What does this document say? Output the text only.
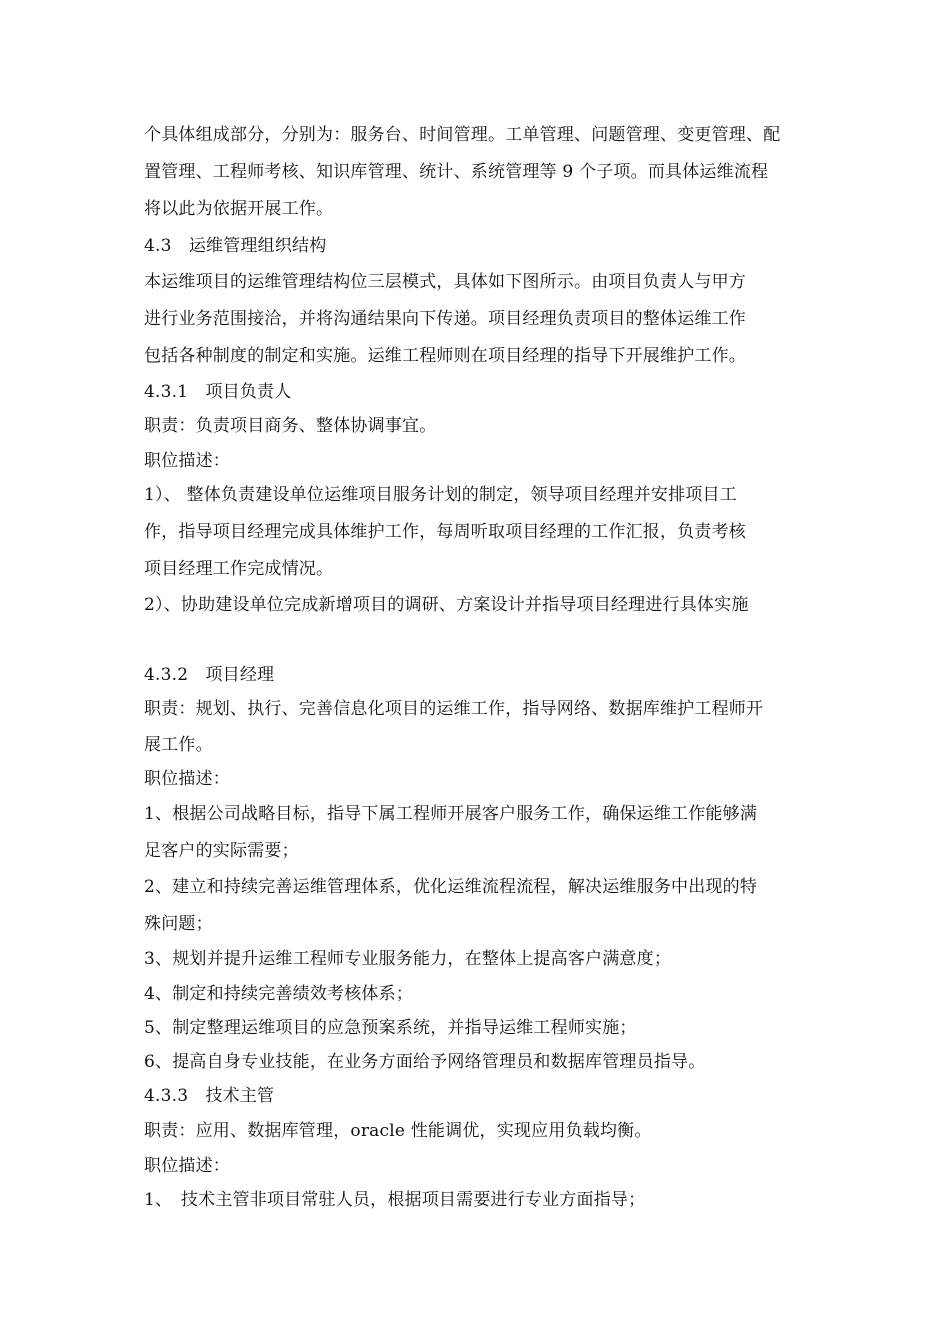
个具体组成部分，分别为：服务台、时间管理。工单管理、问题管理、变更管理、配
置管理、工程师考核、知识库管理、统计、系统管理等 9 个子项。而具体运维流程
将以此为依据开展工作。
4.3　运维管理组织结构
本运维项目的运维管理结构位三层模式，具体如下图所示。由项目负责人与甲方
进行业务范围接洽，并将沟通结果向下传递。项目经理负责项目的整体运维工作
包括各种制度的制定和实施。运维工程师则在项目经理的指导下开展维护工作。
4.3.1　项目负责人
职责：负责项目商务、整体协调事宜。
职位描述：
1）、 整体负责建设单位运维项目服务计划的制定，领导项目经理并安排项目工
作，指导项目经理完成具体维护工作，每周听取项目经理的工作汇报，负责考核
项目经理工作完成情况。
2）、协助建设单位完成新增项目的调研、方案设计并指导项目经理进行具体实施
4.3.2　项目经理
职责：规划、执行、完善信息化项目的运维工作，指导网络、数据库维护工程师开
展工作。
职位描述：
1、根据公司战略目标，指导下属工程师开展客户服务工作，确保运维工作能够满
足客户的实际需要；
2、建立和持续完善运维管理体系，优化运维流程流程，解决运维服务中出现的特
殊问题；
3、规划并提升运维工程师专业服务能力，在整体上提高客户满意度；
4、制定和持续完善绩效考核体系；
5、制定整理运维项目的应急预案系统，并指导运维工程师实施；
6、提高自身专业技能，在业务方面给予网络管理员和数据库管理员指导。
4.3.3　技术主管
职责：应用、数据库管理，oracle 性能调优，实现应用负载均衡。
职位描述：
1、　技术主管非项目常驻人员，根据项目需要进行专业方面指导；
